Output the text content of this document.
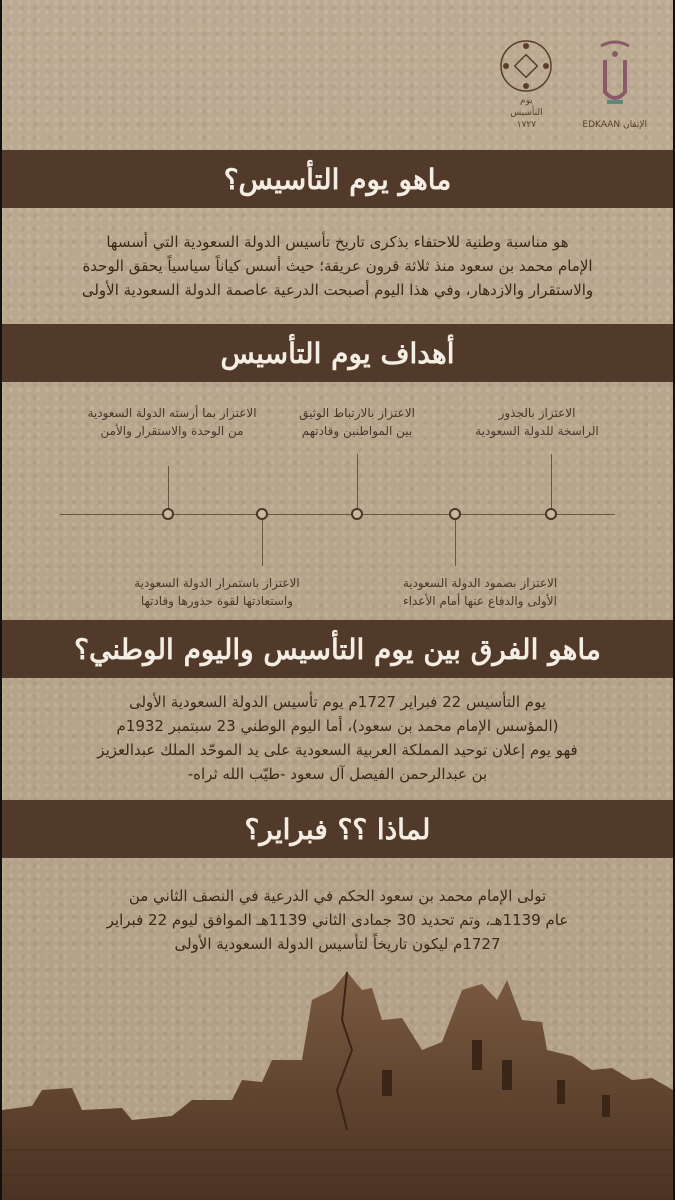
يوم
التأسيس
١٧٢٧	EDKAAN الإتقان
ماهو يوم التأسيس؟
هو مناسبة وطنية للاحتفاء بذكرى تاريخ تأسيس الدولة السعودية التي أسسها
الإمام محمد بن سعود منذ ثلاثة قرون عريقة؛ حيث أسس كياناً سياسياً يحقق الوحدة
والاستقرار والازدهار، وفي هذا اليوم أصبحت الدرعية عاصمة الدولة السعودية الأولى
أهداف يوم التأسيس
الاعتزاز بالجذور
الراسخة للدولة السعودية
الاعتزاز بالارتباط الوثيق
بين المواطنين وقادتهم
الاعتزاز بما أرسته الدولة السعودية
من الوحدة والاستقرار والأمن
الاعتزاز بصمود الدولة السعودية
الأولى والدفاع عنها أمام الأعداء
الاعتزاز باستمرار الدولة السعودية
واستعادتها لقوة جذورها وقادتها
ماهو الفرق بين يوم التأسيس واليوم الوطني؟
يوم التأسيس 22 فبراير 1727م يوم تأسيس الدولة السعودية الأولى
(المؤسس الإمام محمد بن سعود)، أما اليوم الوطني 23 سبتمبر 1932م
فهو يوم إعلان توحيد المملكة العربية السعودية على يد الموحّد الملك عبدالعزيز
بن عبدالرحمن الفيصل آل سعود -طيّب الله ثراه-
لماذا ؟؟ فبراير؟
تولى الإمام محمد بن سعود الحكم في الدرعية في النصف الثاني من
عام 1139هـ، وتم تحديد 30 جمادى الثاني 1139هـ الموافق ليوم 22 فبراير
1727م ليكون تاريخاً لتأسيس الدولة السعودية الأولى
